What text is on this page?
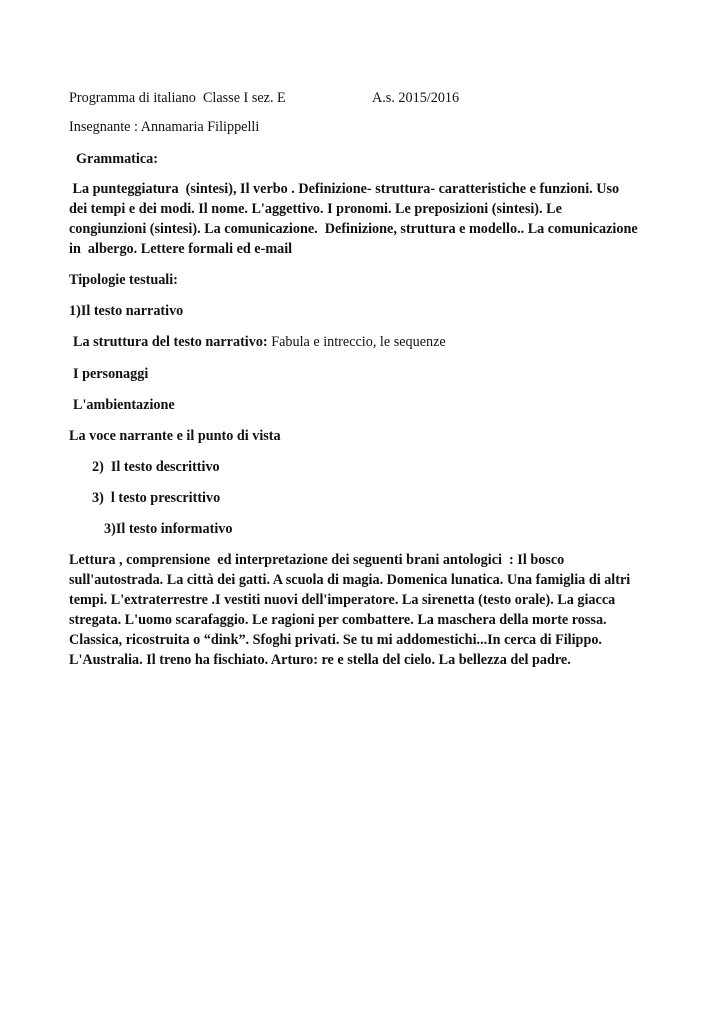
Programma di italiano  Classe I sez. E	A.s. 2015/2016
Insegnante : Annamaria Filippelli
Grammatica:
La punteggiatura  (sintesi), Il verbo . Definizione- struttura- caratteristiche e funzioni. Uso
dei tempi e dei modi. Il nome. L'aggettivo. I pronomi. Le preposizioni (sintesi). Le
congiunzioni (sintesi). La comunicazione.  Definizione, struttura e modello.. La comunicazione
in  albergo. Lettere formali ed e-mail
Tipologie testuali:
1)Il testo narrativo
La struttura del testo narrativo: Fabula e intreccio, le sequenze
I personaggi
L'ambientazione
La voce narrante e il punto di vista
2)  Il testo descrittivo
3)  l testo prescrittivo
3)Il testo informativo
Lettura , comprensione  ed interpretazione dei seguenti brani antologici  : Il bosco
sull'autostrada. La città dei gatti. A scuola di magia. Domenica lunatica. Una famiglia di altri
tempi. L'extraterrestre .I vestiti nuovi dell'imperatore. La sirenetta (testo orale). La giacca
stregata. L'uomo scarafaggio. Le ragioni per combattere. La maschera della morte rossa.
Classica, ricostruita o “dink”. Sfoghi privati. Se tu mi addomestichi...In cerca di Filippo.
L'Australia. Il treno ha fischiato. Arturo: re e stella del cielo. La bellezza del padre.
